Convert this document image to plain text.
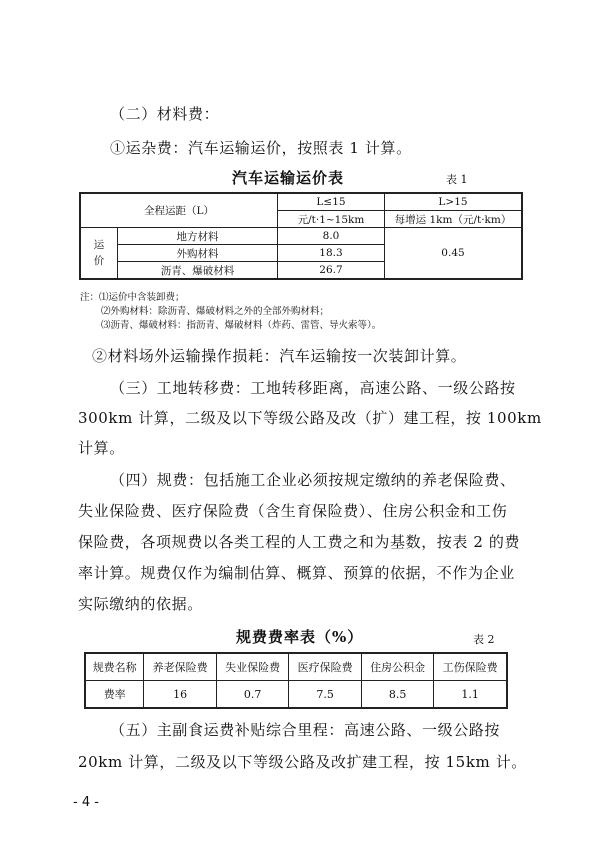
（二）材料费：
①运杂费：汽车运输运价，按照表 1 计算。
汽车运输运价表	表 1
全程运距（L）		L≤15	L>15
		元/t·1~15km	每增运 1km（元/t·km）
运价	地方材料	8.0	0.45
	外购材料	18.3	
	沥青、爆破材料	26.7	
注：⑴运价中含装卸费；
⑵外购材料：除沥青、爆破材料之外的全部外购材料；
⑶沥青、爆破材料：指沥青、爆破材料（炸药、雷管、导火索等）。
②材料场外运输操作损耗：汽车运输按一次装卸计算。
（三）工地转移费：工地转移距离，高速公路、一级公路按
300km 计算，二级及以下等级公路及改（扩）建工程，按 100km
计算。
（四）规费：包括施工企业必须按规定缴纳的养老保险费、
失业保险费、医疗保险费（含生育保险费）、住房公积金和工伤
保险费，各项规费以各类工程的人工费之和为基数，按表 2 的费
率计算。规费仅作为编制估算、概算、预算的依据，不作为企业
实际缴纳的依据。
规费费率表（%）	表 2
规费名称	养老保险费	失业保险费	医疗保险费	住房公积金	工伤保险费
费率	16	0.7	7.5	8.5	1.1
（五）主副食运费补贴综合里程：高速公路、一级公路按
20km 计算，二级及以下等级公路及改扩建工程，按 15km 计。
- 4 -
